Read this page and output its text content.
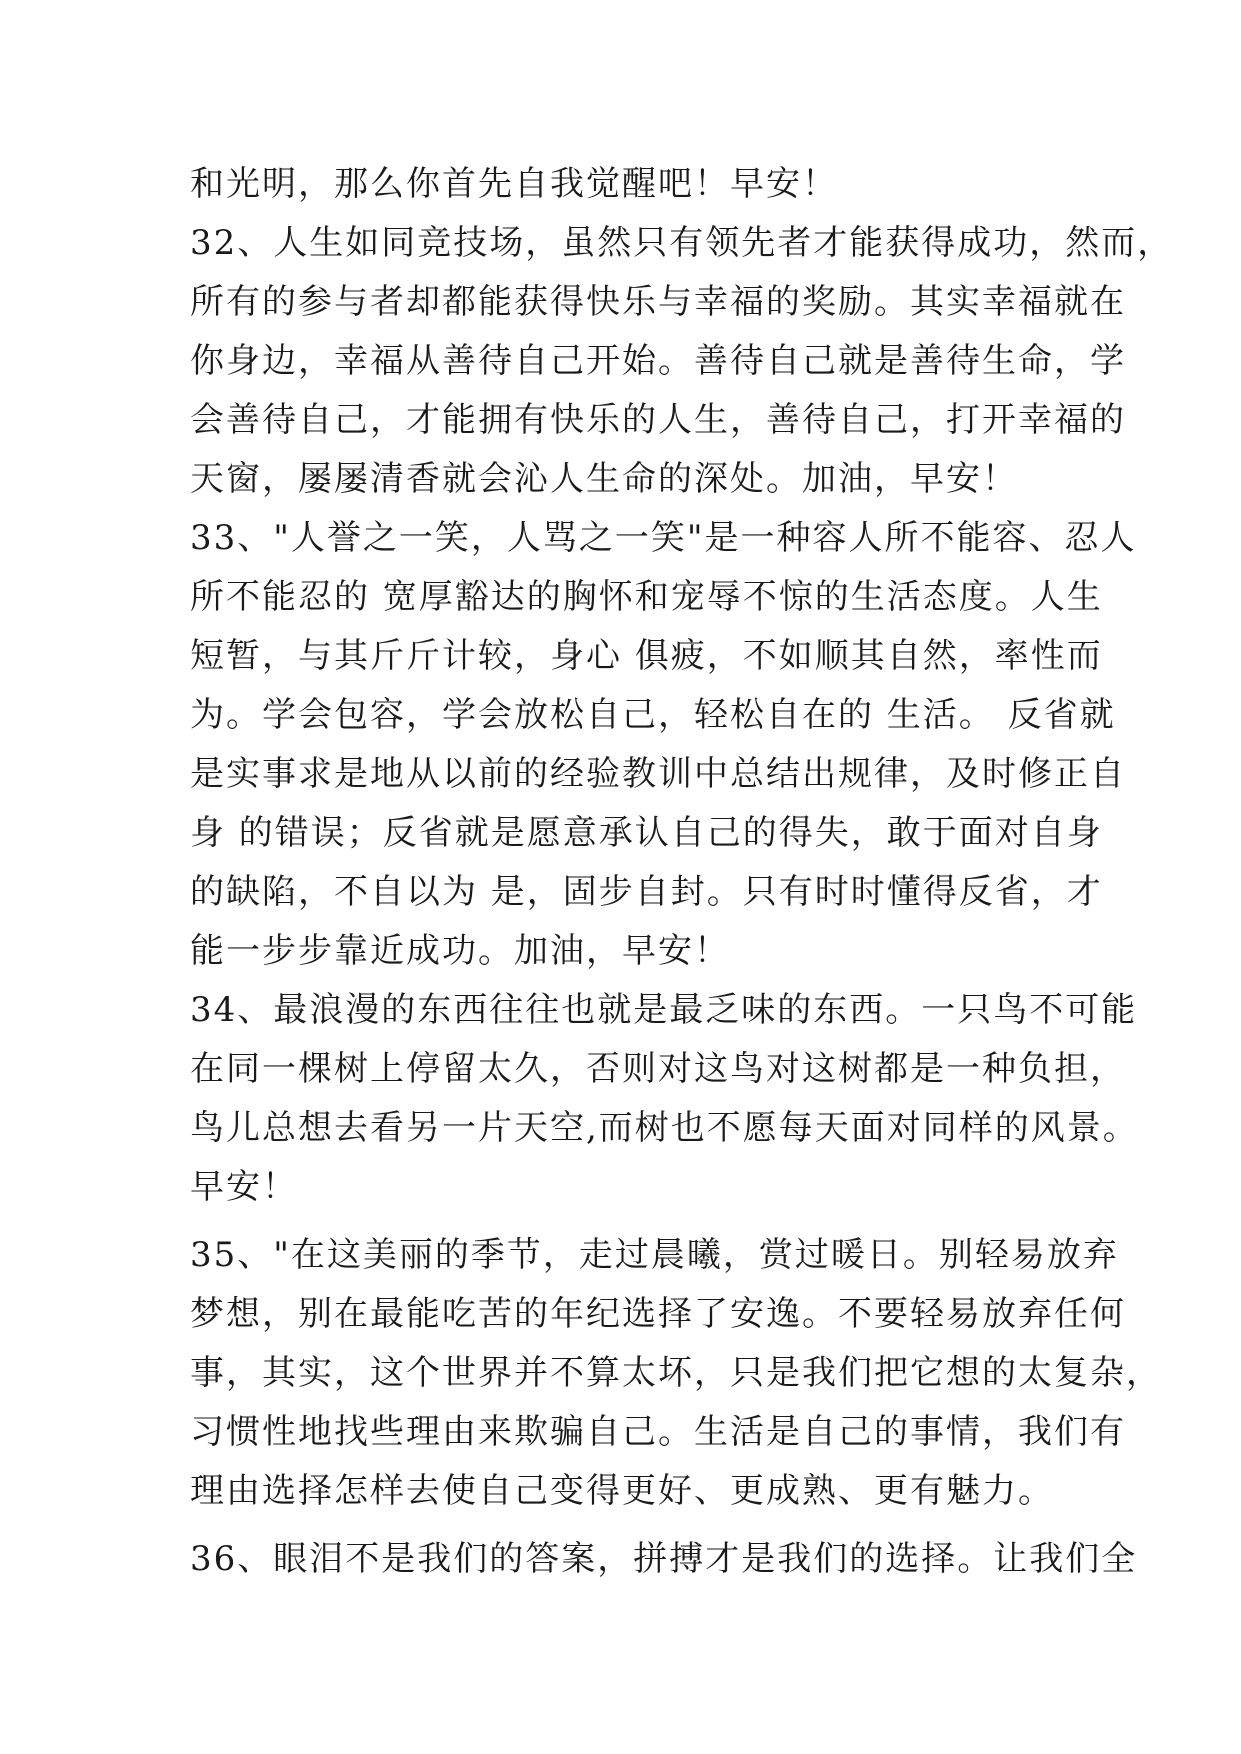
和光明，那么你首先自我觉醒吧！早安！
32、人生如同竞技场，虽然只有领先者才能获得成功，然而，
所有的参与者却都能获得快乐与幸福的奖励。其实幸福就在
你身边，幸福从善待自己开始。善待自己就是善待生命，学
会善待自己，才能拥有快乐的人生，善待自己，打开幸福的
天窗，屡屡清香就会沁人生命的深处。加油，早安！
33、"人誉之一笑，人骂之一笑"是一种容人所不能容、忍人
所不能忍的 宽厚豁达的胸怀和宠辱不惊的生活态度。人生
短暂，与其斤斤计较，身心 俱疲，不如顺其自然，率性而
为。学会包容，学会放松自己，轻松自在的 生活。 反省就
是实事求是地从以前的经验教训中总结出规律，及时修正自
身 的错误；反省就是愿意承认自己的得失，敢于面对自身
的缺陷，不自以为 是，固步自封。只有时时懂得反省，才
能一步步靠近成功。加油，早安！
34、最浪漫的东西往往也就是最乏味的东西。一只鸟不可能
在同一棵树上停留太久，否则对这鸟对这树都是一种负担，
鸟儿总想去看另一片天空,而树也不愿每天面对同样的风景。
早安！
35、"在这美丽的季节，走过晨曦，赏过暖日。别轻易放弃
梦想，别在最能吃苦的年纪选择了安逸。不要轻易放弃任何
事，其实，这个世界并不算太坏，只是我们把它想的太复杂，
习惯性地找些理由来欺骗自己。生活是自己的事情，我们有
理由选择怎样去使自己变得更好、更成熟、更有魅力。
36、眼泪不是我们的答案，拼搏才是我们的选择。让我们全
